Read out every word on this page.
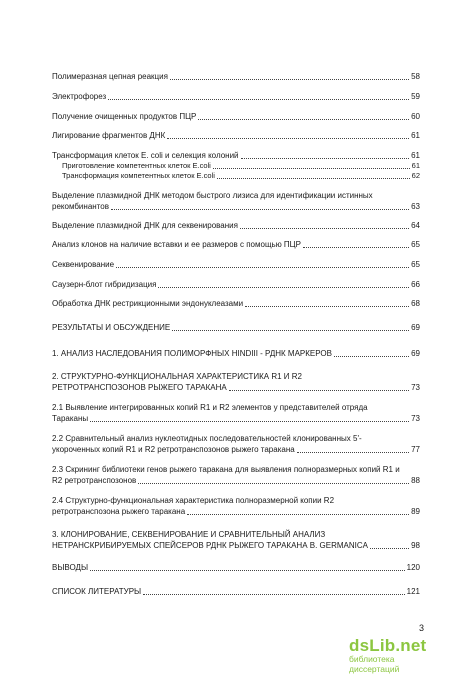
Полимеразная цепная реакция	58
Электрофорез	59
Получение очищенных продуктов ПЦР	60
Лигирование фрагментов ДНК	61
Трансформация клеток E. coli и селекция колоний	61
Приготовление компетентных клеток E.coli	61
Трансформация компетентных клеток E.coli	62
Выделение плазмидной ДНК методом быстрого лизиса для идентификации истинных
рекомбинантов	63
Выделение плазмидной ДНК для секвенирования	64
Анализ клонов на наличие вставки и ее размеров с помощью ПЦР	65
Секвенирование	65
Саузерн-блот гибридизация	66
Обработка ДНК рестрикционными эндонуклеазами	68
РЕЗУЛЬТАТЫ И ОБСУЖДЕНИЕ	69
1. АНАЛИЗ НАСЛЕДОВАНИЯ ПОЛИМОРФНЫХ HINDIII - РДНК МАРКЕРОВ	69
2. СТРУКТУРНО-ФУНКЦИОНАЛЬНАЯ ХАРАКТЕРИСТИКА R1 И R2
РЕТРОТРАНСПОЗОНОВ РЫЖЕГО ТАРАКАНА	73
2.1 Выявление интегрированных копий R1 и R2 элементов у представителей отряда
Тараканы	73
2.2 Сравнительный анализ нуклеотидных последовательностей клонированных 5'-
укороченных копий R1 и R2 ретротранспозонов рыжего таракана	77
2.3 Скрининг библиотеки генов рыжего таракана для выявления полноразмерных копий R1 и
R2 ретротранспозонов	88
2.4 Структурно-функциональная характеристика полноразмерной копии R2
ретротранспозона рыжего таракана	89
3. КЛОНИРОВАНИЕ, СЕКВЕНИРОВАНИЕ И СРАВНИТЕЛЬНЫЙ АНАЛИЗ
НЕТРАНСКРИБИРУЕМЫХ СПЕЙСЕРОВ РДНК РЫЖЕГО ТАРАКАНА B. GERMANICA	98
ВЫВОДЫ	120
СПИСОК ЛИТЕРАТУРЫ	121
3
dsLib.net
библиотека диссертаций
